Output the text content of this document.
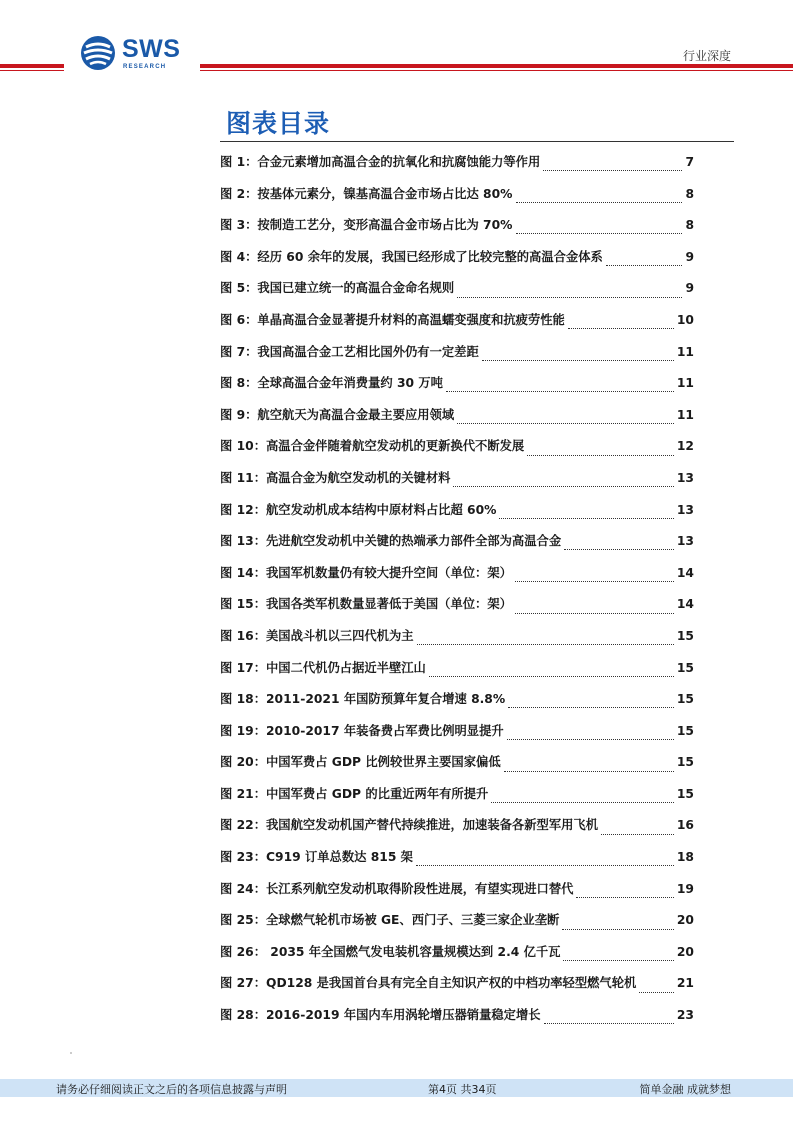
SWS
RESEARCH
行业深度
图表目录
图 1：合金元素增加高温合金的抗氧化和抗腐蚀能力等作用	7
图 2：按基体元素分，镍基高温合金市场占比达 80%	8
图 3：按制造工艺分，变形高温合金市场占比为 70%	8
图 4：经历 60 余年的发展，我国已经形成了比较完整的高温合金体系	9
图 5：我国已建立统一的高温合金命名规则	9
图 6：单晶高温合金显著提升材料的高温蠕变强度和抗疲劳性能	10
图 7：我国高温合金工艺相比国外仍有一定差距	11
图 8：全球高温合金年消费量约 30 万吨	11
图 9：航空航天为高温合金最主要应用领域	11
图 10：高温合金伴随着航空发动机的更新换代不断发展	12
图 11：高温合金为航空发动机的关键材料	13
图 12：航空发动机成本结构中原材料占比超 60%	13
图 13：先进航空发动机中关键的热端承力部件全部为高温合金	13
图 14：我国军机数量仍有较大提升空间（单位：架）	14
图 15：我国各类军机数量显著低于美国（单位：架）	14
图 16：美国战斗机以三四代机为主	15
图 17：中国二代机仍占据近半壁江山	15
图 18：2011-2021 年国防预算年复合增速 8.8%	15
图 19：2010-2017 年装备费占军费比例明显提升	15
图 20：中国军费占 GDP 比例较世界主要国家偏低	15
图 21：中国军费占 GDP 的比重近两年有所提升	15
图 22：我国航空发动机国产替代持续推进，加速装备各新型军用飞机	16
图 23：C919 订单总数达 815 架	18
图 24：长江系列航空发动机取得阶段性进展，有望实现进口替代	19
图 25：全球燃气轮机市场被 GE、西门子、三菱三家企业垄断	20
图 26： 2035 年全国燃气发电装机容量规模达到 2.4 亿千瓦	20
图 27：QD128 是我国首台具有完全自主知识产权的中档功率轻型燃气轮机	21
图 28：2016-2019 年国内车用涡轮增压器销量稳定增长	23
请务必仔细阅读正文之后的各项信息披露与声明	第4页 共34页	简单金融 成就梦想
